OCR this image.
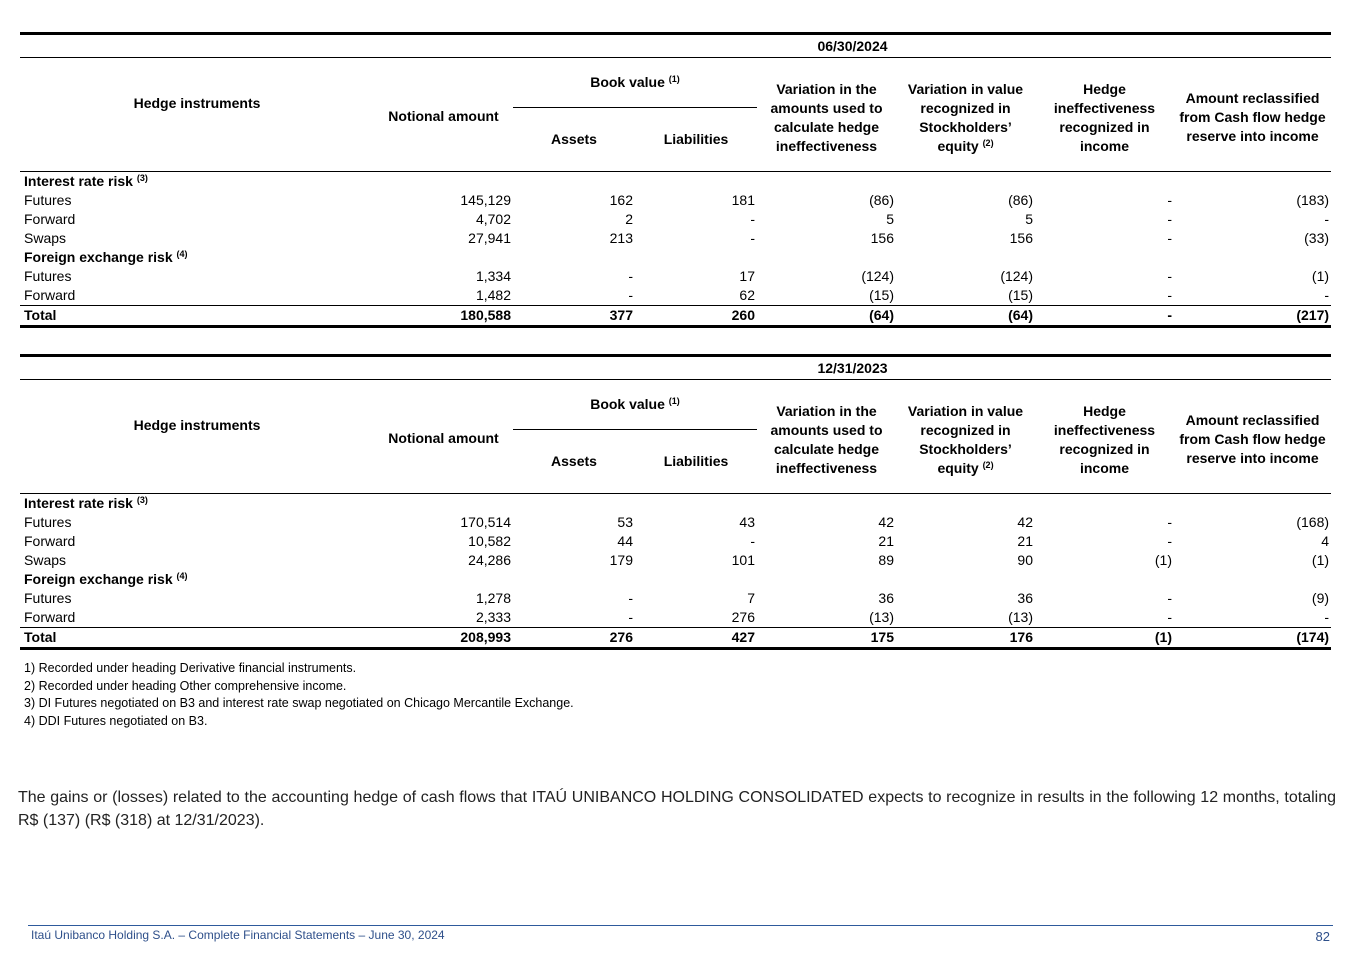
	06/30/2024						
Hedge instruments	Notional amount	Book value $^{(1)}$		Variation in the amounts used to calculate hedge ineffectiveness	Variation in value recognized in Stockholders’ equity $^{(2)}$	Hedge ineffectiveness recognized in income	Amount reclassified from Cash flow hedge reserve into income
		Assets	Liabilities				
Interest rate risk $^{(3)}$
Futures	145,129	162	181	(86)	(86)	-	(183)
Forward	4,702	2	-	5	5	-	-
Swaps	27,941	213	-	156	156	-	(33)
Foreign exchange risk $^{(4)}$
Futures	1,334	-	17	(124)	(124)	-	(1)
Forward	1,482	-	62	(15)	(15)	-	-
Total	180,588	377	260	(64)	(64)	-	(217)
	12/31/2023						
Hedge instruments	Notional amount	Book value $^{(1)}$		Variation in the amounts used to calculate hedge ineffectiveness	Variation in value recognized in Stockholders’ equity $^{(2)}$	Hedge ineffectiveness recognized in income	Amount reclassified from Cash flow hedge reserve into income
		Assets	Liabilities				
Interest rate risk $^{(3)}$
Futures	170,514	53	43	42	42	-	(168)
Forward	10,582	44	-	21	21	-	4
Swaps	24,286	179	101	89	90	(1)	(1)
Foreign exchange risk $^{(4)}$
Futures	1,278	-	7	36	36	-	(9)
Forward	2,333	-	276	(13)	(13)	-	-
Total	208,993	276	427	175	176	(1)	(174)
1) Recorded under heading Derivative financial instruments.
2) Recorded under heading Other comprehensive income.
3) DI Futures negotiated on B3 and interest rate swap negotiated on Chicago Mercantile Exchange.
4) DDI Futures negotiated on B3.
The gains or (losses) related to the accounting hedge of cash flows that ITAÚ UNIBANCO HOLDING CONSOLIDATED expects to recognize in results in the following 12 months, totaling R$ (137) (R$ (318) at 12/31/2023).
Itaú Unibanco Holding S.A. – Complete Financial Statements – June 30, 2024	82
